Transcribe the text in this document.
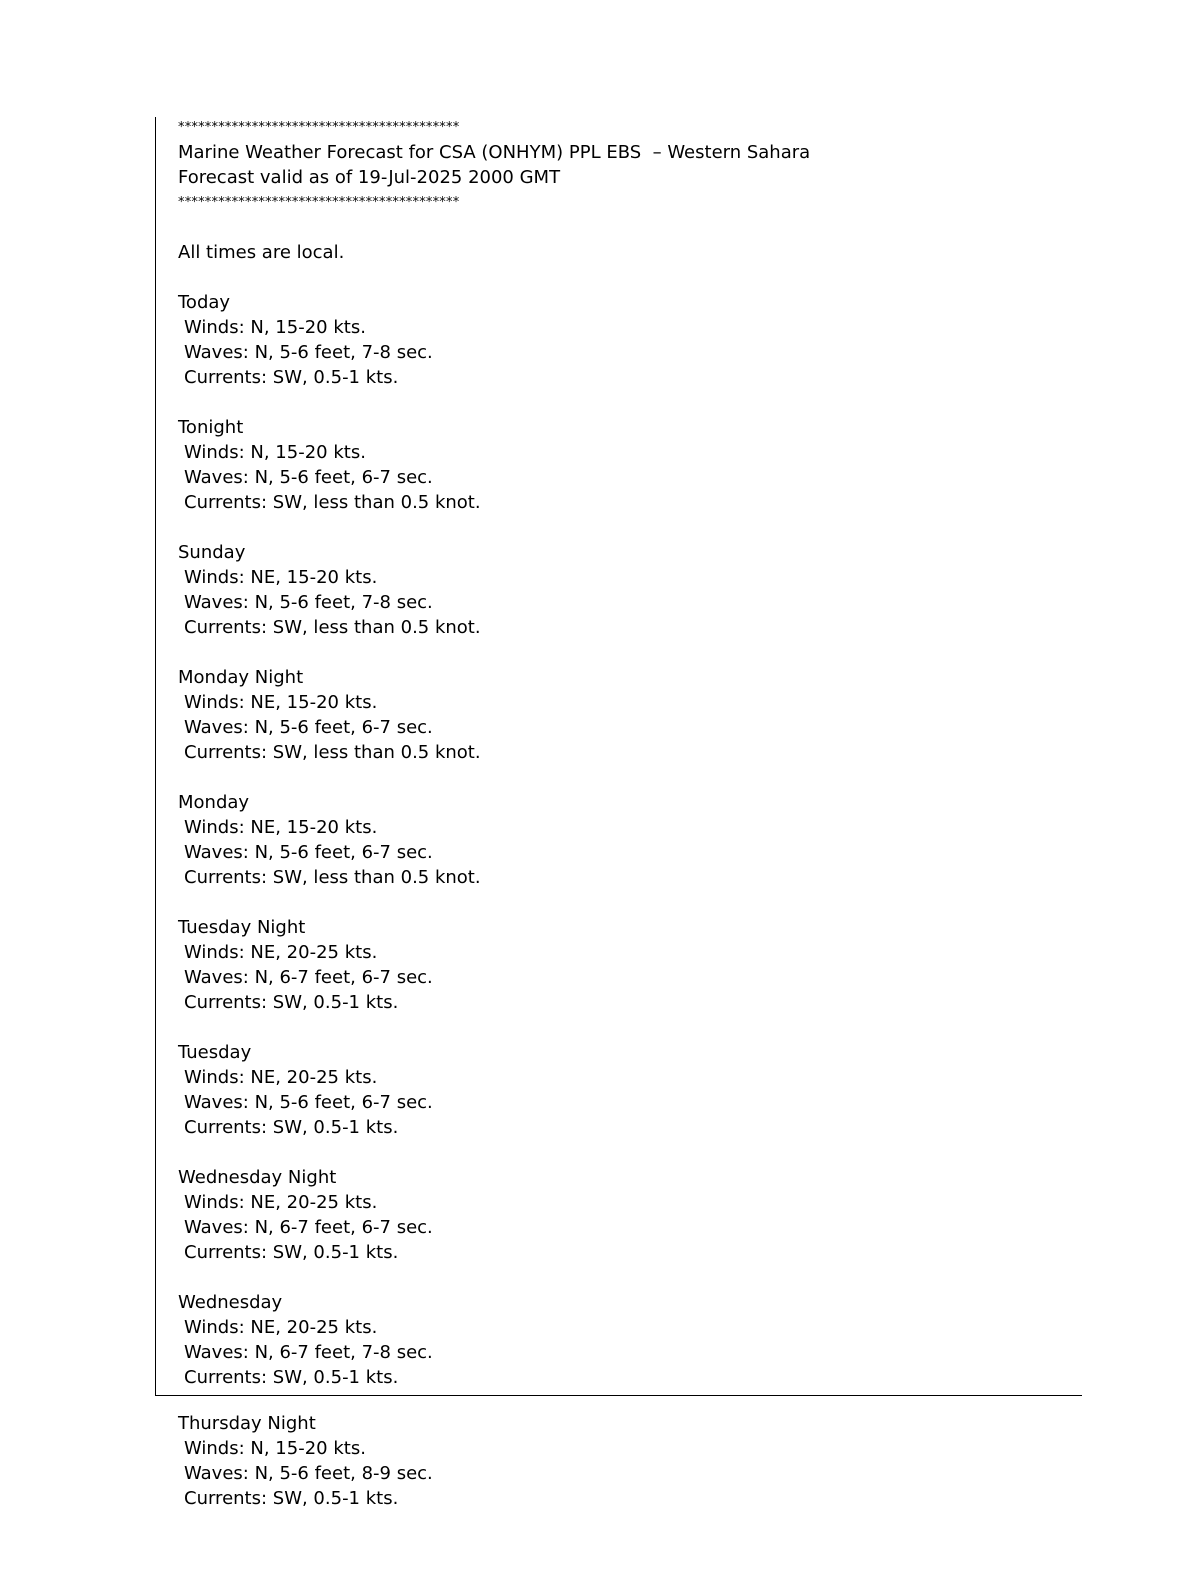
******************************************
Marine Weather Forecast for CSA (ONHYM) PPL EBS  – Western Sahara
Forecast valid as of 19-Jul-2025 2000 GMT
******************************************
All times are local.
Today
Winds: N, 15-20 kts.
Waves: N, 5-6 feet, 7-8 sec.
Currents: SW, 0.5-1 kts.
Tonight
Winds: N, 15-20 kts.
Waves: N, 5-6 feet, 6-7 sec.
Currents: SW, less than 0.5 knot.
Sunday
Winds: NE, 15-20 kts.
Waves: N, 5-6 feet, 7-8 sec.
Currents: SW, less than 0.5 knot.
Monday Night
Winds: NE, 15-20 kts.
Waves: N, 5-6 feet, 6-7 sec.
Currents: SW, less than 0.5 knot.
Monday
Winds: NE, 15-20 kts.
Waves: N, 5-6 feet, 6-7 sec.
Currents: SW, less than 0.5 knot.
Tuesday Night
Winds: NE, 20-25 kts.
Waves: N, 6-7 feet, 6-7 sec.
Currents: SW, 0.5-1 kts.
Tuesday
Winds: NE, 20-25 kts.
Waves: N, 5-6 feet, 6-7 sec.
Currents: SW, 0.5-1 kts.
Wednesday Night
Winds: NE, 20-25 kts.
Waves: N, 6-7 feet, 6-7 sec.
Currents: SW, 0.5-1 kts.
Wednesday
Winds: NE, 20-25 kts.
Waves: N, 6-7 feet, 7-8 sec.
Currents: SW, 0.5-1 kts.
Thursday Night
Winds: N, 15-20 kts.
Waves: N, 5-6 feet, 8-9 sec.
Currents: SW, 0.5-1 kts.
